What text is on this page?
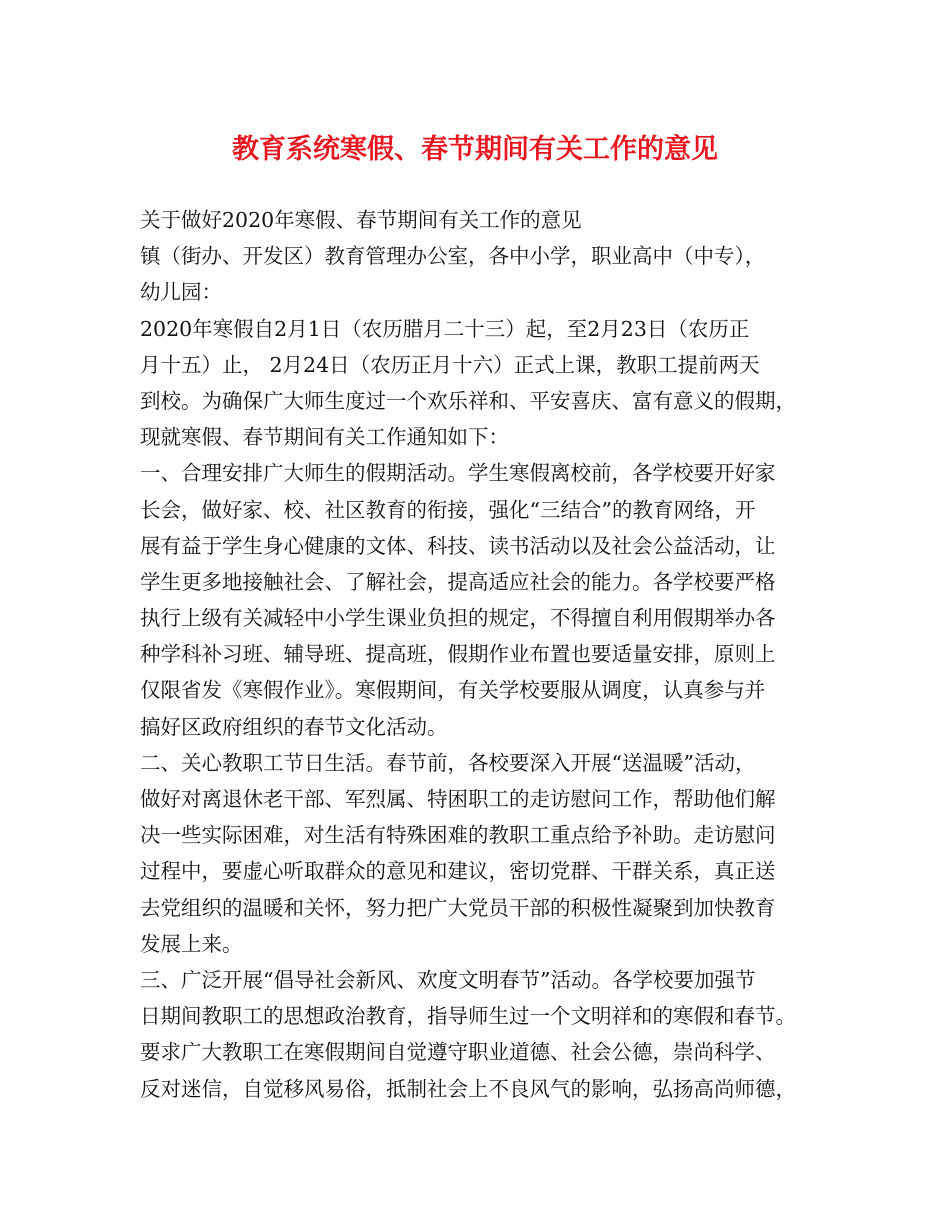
教育系统寒假、春节期间有关工作的意见
关于做好2020年寒假、春节期间有关工作的意见
镇（街办、开发区）教育管理办公室，各中小学，职业高中（中专），
幼儿园：
2020年寒假自2月1日（农历腊月二十三）起，至2月23日（农历正
月十五）止， 2月24日（农历正月十六）正式上课，教职工提前两天
到校。为确保广大师生度过一个欢乐祥和、平安喜庆、富有意义的假期，
现就寒假、春节期间有关工作通知如下：
一、合理安排广大师生的假期活动。学生寒假离校前，各学校要开好家
长会，做好家、校、社区教育的衔接，强化“三结合”的教育网络，开
展有益于学生身心健康的文体、科技、读书活动以及社会公益活动，让
学生更多地接触社会、了解社会，提高适应社会的能力。各学校要严格
执行上级有关减轻中小学生课业负担的规定，不得擅自利用假期举办各
种学科补习班、辅导班、提高班，假期作业布置也要适量安排，原则上
仅限省发《寒假作业》。寒假期间，有关学校要服从调度，认真参与并
搞好区政府组织的春节文化活动。
二、关心教职工节日生活。春节前，各校要深入开展“送温暖”活动，
做好对离退休老干部、军烈属、特困职工的走访慰问工作，帮助他们解
决一些实际困难，对生活有特殊困难的教职工重点给予补助。走访慰问
过程中，要虚心听取群众的意见和建议，密切党群、干群关系，真正送
去党组织的温暖和关怀，努力把广大党员干部的积极性凝聚到加快教育
发展上来。
三、广泛开展“倡导社会新风、欢度文明春节”活动。各学校要加强节
日期间教职工的思想政治教育，指导师生过一个文明祥和的寒假和春节。
要求广大教职工在寒假期间自觉遵守职业道德、社会公德，崇尚科学、
反对迷信，自觉移风易俗，抵制社会上不良风气的影响，弘扬高尚师德，
